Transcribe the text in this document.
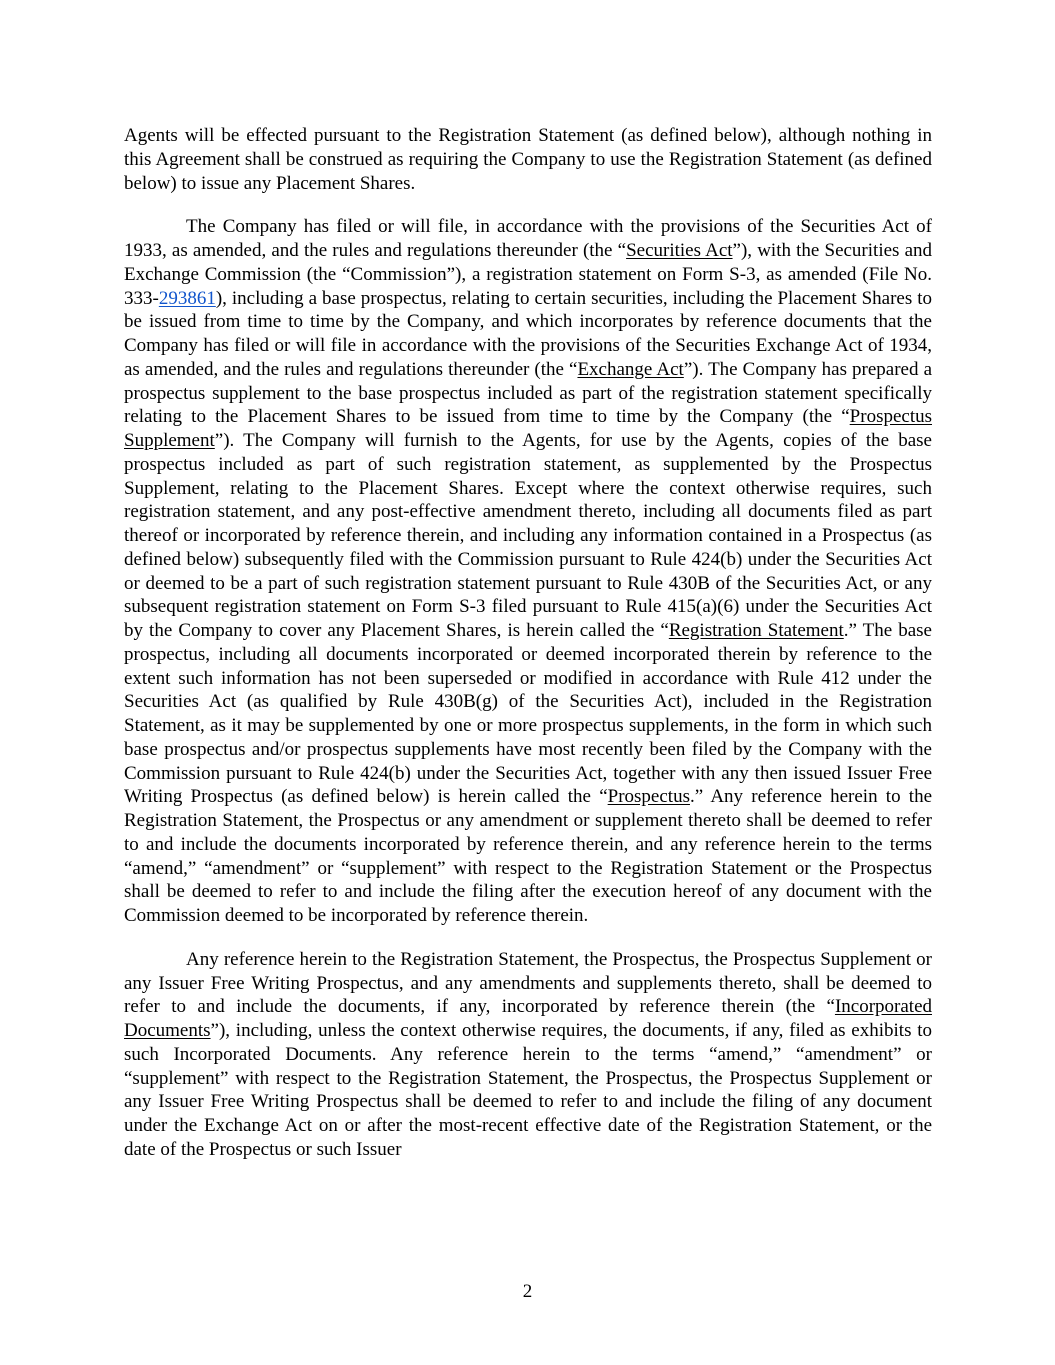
Agents will be effected pursuant to the Registration Statement (as defined below), although nothing in this Agreement shall be construed as requiring the Company to use the Registration Statement (as defined below) to issue any Placement Shares.

The Company has filed or will file, in accordance with the provisions of the Securities Act of 1933, as amended, and the rules and regulations thereunder (the “Securities Act”), with the Securities and Exchange Commission (the “Commission”), a registration statement on Form S-3, as amended (File No. 333-293861), including a base prospectus, relating to certain securities, including the Placement Shares to be issued from time to time by the Company, and which incorporates by reference documents that the Company has filed or will file in accordance with the provisions of the Securities Exchange Act of 1934, as amended, and the rules and regulations thereunder (the “Exchange Act”). The Company has prepared a prospectus supplement to the base prospectus included as part of the registration statement specifically relating to the Placement Shares to be issued from time to time by the Company (the “Prospectus Supplement”). The Company will furnish to the Agents, for use by the Agents, copies of the base prospectus included as part of such registration statement, as supplemented by the Prospectus Supplement, relating to the Placement Shares. Except where the context otherwise requires, such registration statement, and any post-effective amendment thereto, including all documents filed as part thereof or incorporated by reference therein, and including any information contained in a Prospectus (as defined below) subsequently filed with the Commission pursuant to Rule 424(b) under the Securities Act or deemed to be a part of such registration statement pursuant to Rule 430B of the Securities Act, or any subsequent registration statement on Form S-3 filed pursuant to Rule 415(a)(6) under the Securities Act by the Company to cover any Placement Shares, is herein called the “Registration Statement.” The base prospectus, including all documents incorporated or deemed incorporated therein by reference to the extent such information has not been superseded or modified in accordance with Rule 412 under the Securities Act (as qualified by Rule 430B(g) of the Securities Act), included in the Registration Statement, as it may be supplemented by one or more prospectus supplements, in the form in which such base prospectus and/or prospectus supplements have most recently been filed by the Company with the Commission pursuant to Rule 424(b) under the Securities Act, together with any then issued Issuer Free Writing Prospectus (as defined below) is herein called the “Prospectus.” Any reference herein to the Registration Statement, the Prospectus or any amendment or supplement thereto shall be deemed to refer to and include the documents incorporated by reference therein, and any reference herein to the terms “amend,” “amendment” or “supplement” with respect to the Registration Statement or the Prospectus shall be deemed to refer to and include the filing after the execution hereof of any document with the Commission deemed to be incorporated by reference therein.

Any reference herein to the Registration Statement, the Prospectus, the Prospectus Supplement or any Issuer Free Writing Prospectus, and any amendments and supplements thereto, shall be deemed to refer to and include the documents, if any, incorporated by reference therein (the “Incorporated Documents”), including, unless the context otherwise requires, the documents, if any, filed as exhibits to such Incorporated Documents. Any reference herein to the terms “amend,” “amendment” or “supplement” with respect to the Registration Statement, the Prospectus, the Prospectus Supplement or any Issuer Free Writing Prospectus shall be deemed to refer to and include the filing of any document under the Exchange Act on or after the most-recent effective date of the Registration Statement, or the date of the Prospectus or such Issuer

2
